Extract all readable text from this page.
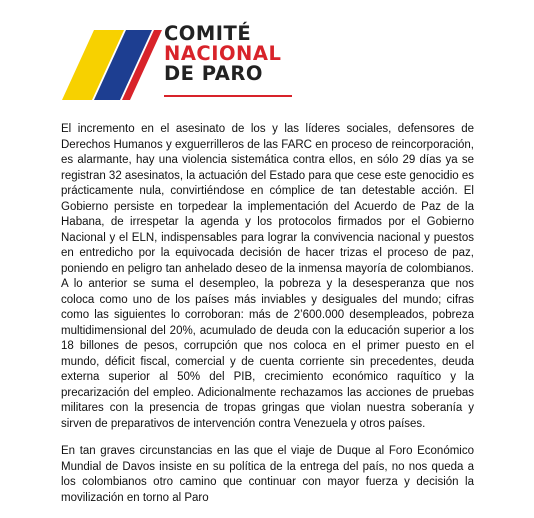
COMITÉ
NACIONAL
DE PARO

El incremento en el asesinato de los y las líderes sociales, defensores de Derechos Humanos y exguerrilleros de las FARC en proceso de reincorporación, es alarmante, hay una violencia sistemática contra ellos, en sólo 29 días ya se registran 32 asesinatos, la actuación del Estado para que cese este genocidio es prácticamente nula, convirtiéndose en cómplice de tan detestable acción. El Gobierno persiste en torpedear la implementación del Acuerdo de Paz de la Habana, de irrespetar la agenda y los protocolos firmados por el Gobierno Nacional y el ELN, indispensables para lograr la convivencia nacional y puestos en entredicho por la equivocada decisión de hacer trizas el proceso de paz, poniendo en peligro tan anhelado deseo de la inmensa mayoría de colombianos. A lo anterior se suma el desempleo, la pobreza y la desesperanza que nos coloca como uno de los países más inviables y desiguales del mundo; cifras como las siguientes lo corroboran: más de 2’600.000 desempleados, pobreza multidimensional del 20%, acumulado de deuda con la educación superior a los 18 billones de pesos, corrupción que nos coloca en el primer puesto en el mundo, déficit fiscal, comercial y de cuenta corriente sin precedentes, deuda externa superior al 50% del PIB, crecimiento económico raquítico y la precarización del empleo. Adicionalmente rechazamos las acciones de pruebas militares con la presencia de tropas gringas que violan nuestra soberanía y sirven de preparativos de intervención contra Venezuela y otros países.

En tan graves circunstancias en las que el viaje de Duque al Foro Económico Mundial de Davos insiste en su política de la entrega del país, no nos queda a los colombianos otro camino que continuar con mayor fuerza y decisión la movilización en torno al Paro
